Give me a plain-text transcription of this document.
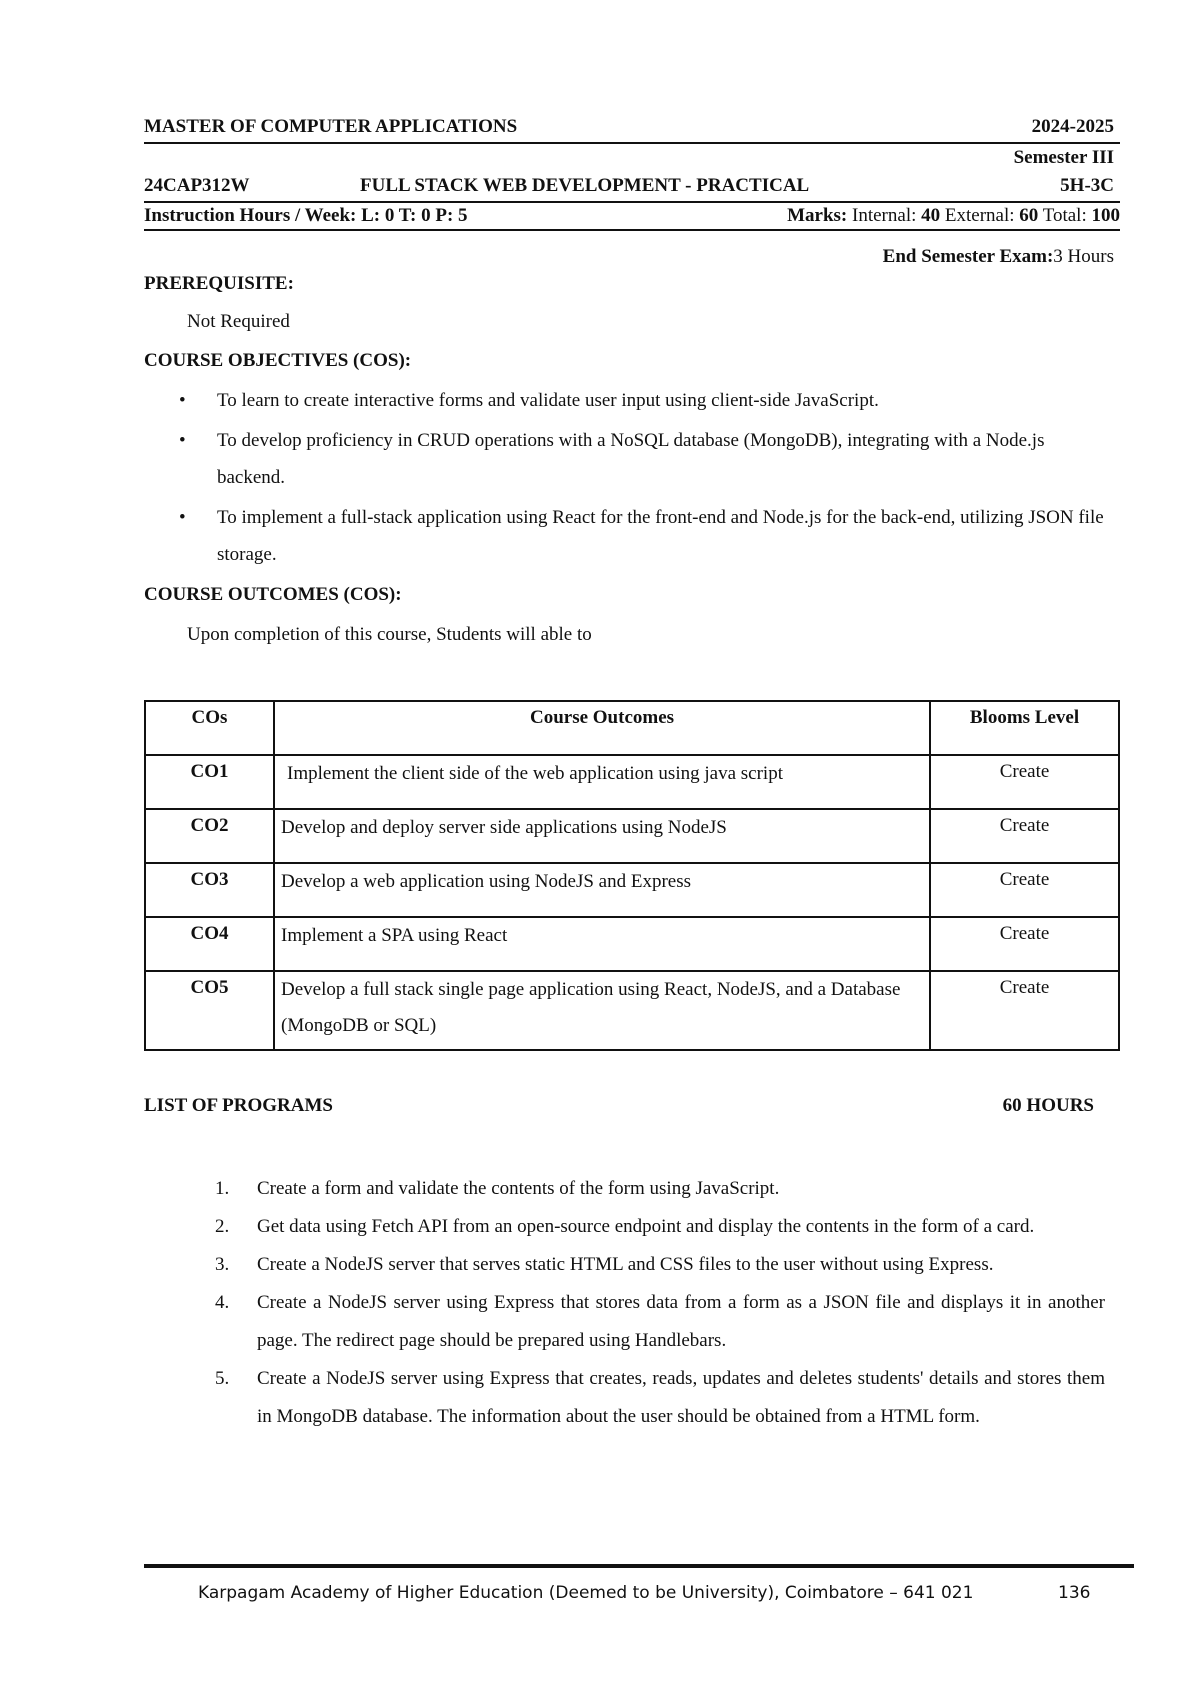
MASTER OF COMPUTER APPLICATIONS	2024-2025
Semester III
24CAP312W	FULL STACK WEB DEVELOPMENT - PRACTICAL	5H-3C
Instruction Hours / Week: L: 0 T: 0 P: 5	Marks: Internal: 40 External: 60 Total: 100
End Semester Exam:3 Hours
PREREQUISITE:
Not Required
COURSE OBJECTIVES (COS):
• To learn to create interactive forms and validate user input using client-side JavaScript.
• To develop proficiency in CRUD operations with a NoSQL database (MongoDB), integrating with a Node.js backend.
• To implement a full-stack application using React for the front-end and Node.js for the back-end, utilizing JSON file storage.
COURSE OUTCOMES (COS):
Upon completion of this course, Students will able to
COs	Course Outcomes	Blooms Level
CO1	Implement the client side of the web application using java script	Create
CO2	Develop and deploy server side applications using NodeJS	Create
CO3	Develop a web application using NodeJS and Express	Create
CO4	Implement a SPA using React	Create
CO5	Develop a full stack single page application using React, NodeJS, and a Database (MongoDB or SQL)	Create
LIST OF PROGRAMS	60 HOURS
1. Create a form and validate the contents of the form using JavaScript.
2. Get data using Fetch API from an open-source endpoint and display the contents in the form of a card.
3. Create a NodeJS server that serves static HTML and CSS files to the user without using Express.
4. Create a NodeJS server using Express that stores data from a form as a JSON file and displays it in another page. The redirect page should be prepared using Handlebars.
5. Create a NodeJS server using Express that creates, reads, updates and deletes students' details and stores them in MongoDB database. The information about the user should be obtained from a HTML form.
Karpagam Academy of Higher Education (Deemed to be University), Coimbatore – 641 021	136
